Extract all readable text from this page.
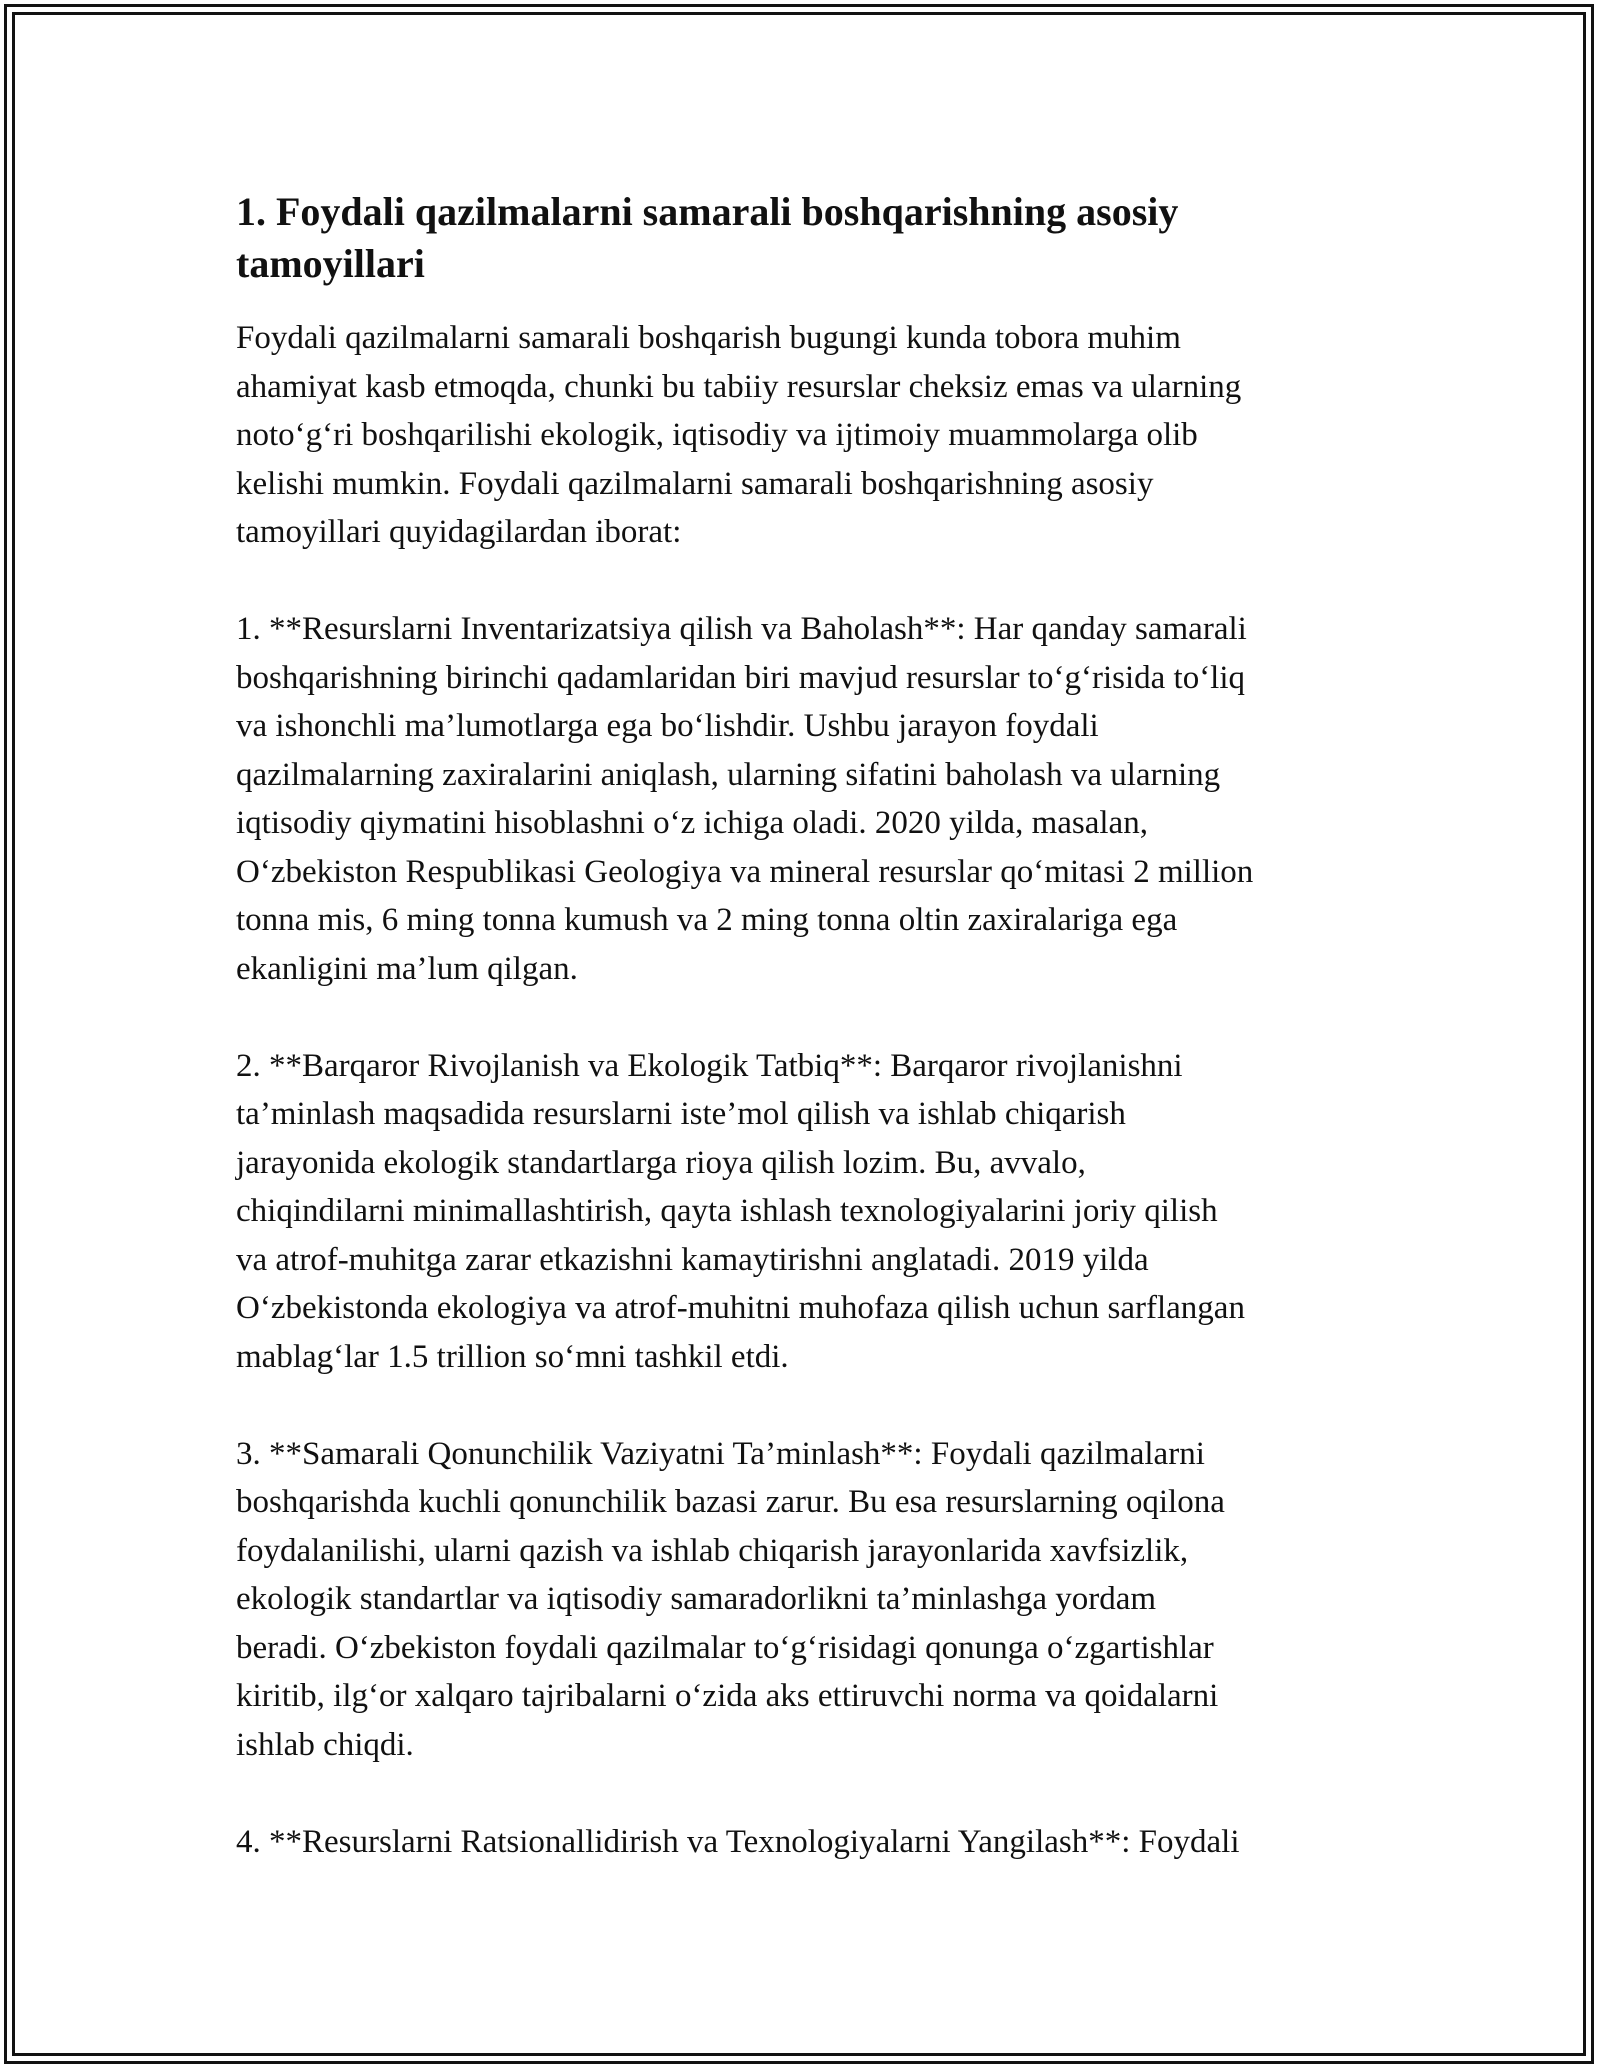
1. Foydali qazilmalarni samarali boshqarishning asosiy
tamoyillari
Foydali qazilmalarni samarali boshqarish bugungi kunda tobora muhim
ahamiyat kasb etmoqda, chunki bu tabiiy resurslar cheksiz emas va ularning
noto‘g‘ri boshqarilishi ekologik, iqtisodiy va ijtimoiy muammolarga olib
kelishi mumkin. Foydali qazilmalarni samarali boshqarishning asosiy
tamoyillari quyidagilardan iborat:
1. **Resurslarni Inventarizatsiya qilish va Baholash**: Har qanday samarali
boshqarishning birinchi qadamlaridan biri mavjud resurslar to‘g‘risida to‘liq
va ishonchli ma’lumotlarga ega bo‘lishdir. Ushbu jarayon foydali
qazilmalarning zaxiralarini aniqlash, ularning sifatini baholash va ularning
iqtisodiy qiymatini hisoblashni o‘z ichiga oladi. 2020 yilda, masalan,
O‘zbekiston Respublikasi Geologiya va mineral resurslar qo‘mitasi 2 million
tonna mis, 6 ming tonna kumush va 2 ming tonna oltin zaxiralariga ega
ekanligini ma’lum qilgan.
2. **Barqaror Rivojlanish va Ekologik Tatbiq**: Barqaror rivojlanishni
ta’minlash maqsadida resurslarni iste’mol qilish va ishlab chiqarish
jarayonida ekologik standartlarga rioya qilish lozim. Bu, avvalo,
chiqindilarni minimallashtirish, qayta ishlash texnologiyalarini joriy qilish
va atrof-muhitga zarar etkazishni kamaytirishni anglatadi. 2019 yilda
O‘zbekistonda ekologiya va atrof-muhitni muhofaza qilish uchun sarflangan
mablag‘lar 1.5 trillion so‘mni tashkil etdi.
3. **Samarali Qonunchilik Vaziyatni Ta’minlash**: Foydali qazilmalarni
boshqarishda kuchli qonunchilik bazasi zarur. Bu esa resurslarning oqilona
foydalanilishi, ularni qazish va ishlab chiqarish jarayonlarida xavfsizlik,
ekologik standartlar va iqtisodiy samaradorlikni ta’minlashga yordam
beradi. O‘zbekiston foydali qazilmalar to‘g‘risidagi qonunga o‘zgartishlar
kiritib, ilg‘or xalqaro tajribalarni o‘zida aks ettiruvchi norma va qoidalarni
ishlab chiqdi.
4. **Resurslarni Ratsionallidirish va Texnologiyalarni Yangilash**: Foydali
